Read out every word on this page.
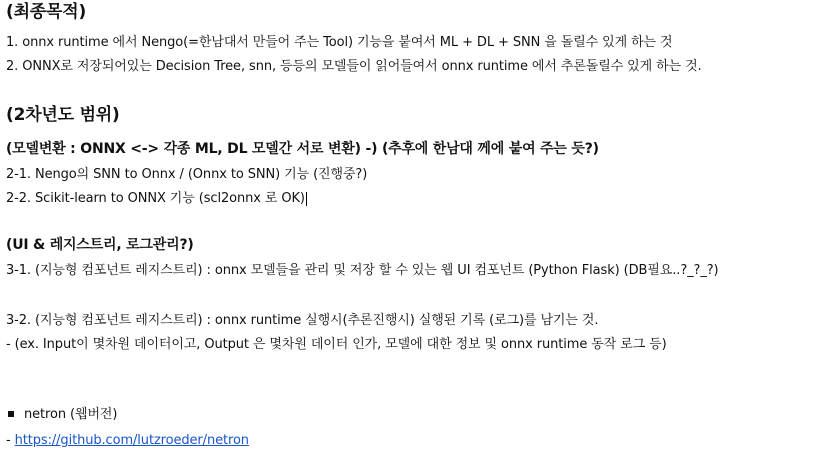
(최종목적)
1. onnx runtime 에서 Nengo(=한남대서 만들어 주는 Tool) 기능을 붙여서 ML + DL + SNN 을 돌릴수 있게 하는 것
2. ONNX로 저장되어있는 Decision Tree, snn, 등등의 모델들이 읽어들여서 onnx runtime 에서 추론돌릴수 있게 하는 것.
(2차년도 범위)
(모델변환 : ONNX <-> 각종 ML, DL 모델간 서로 변환) -) (추후에 한남대 께에 붙여 주는 듯?)
2-1. Nengo의 SNN to Onnx / (Onnx to SNN) 기능 (진행중?)
2-2. Scikit-learn to ONNX 기능 (scl2onnx 로 OK)
(UI & 레지스트리, 로그관리?)
3-1. (지능형 컴포넌트 레지스트리) : onnx 모델들을 관리 및 저장 할 수 있는 웹 UI 컴포넌트 (Python Flask) (DB필요..?_?_?)
3-2. (지능형 컴포넌트 레지스트리) : onnx runtime 실행시(추론진행시) 실행된 기록 (로그)를 남기는 것.
- (ex. Input이 몇차원 데이터이고, Output 은 몇차원 데이터 인가, 모델에 대한 정보 및 onnx runtime 동작 로그 등)
netron (웹버전)
- https://github.com/lutzroeder/netron
